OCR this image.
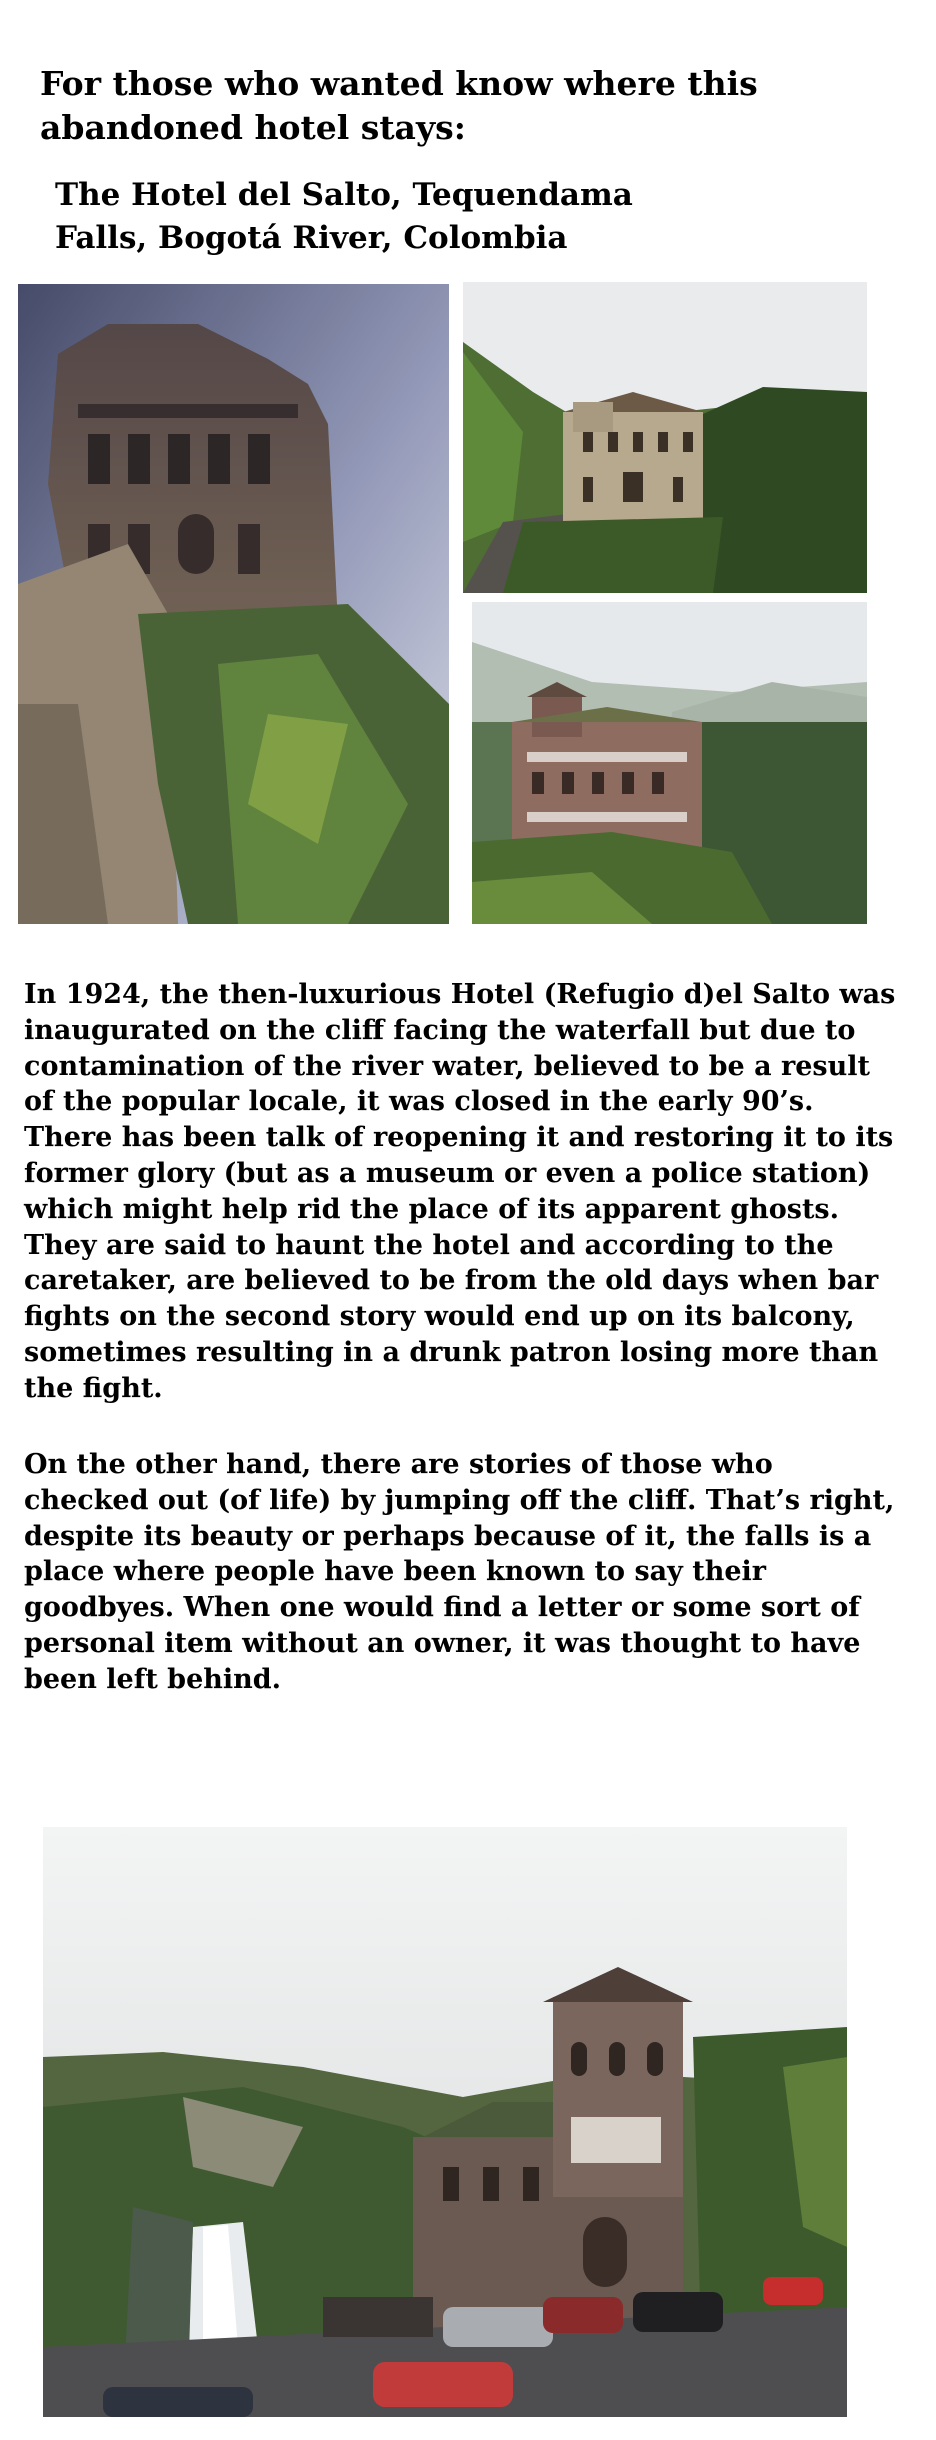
For those who wanted know where this
abandoned hotel stays:
The Hotel del Salto, Tequendama
Falls, Bogotá River, Colombia
In 1924, the then-luxurious Hotel (Refugio d)el Salto was
inaugurated on the cliff facing the waterfall but due to
contamination of the river water, believed to be a result
of the popular locale, it was closed in the early 90’s.
There has been talk of reopening it and restoring it to its
former glory (but as a museum or even a police station)
which might help rid the place of its apparent ghosts.
They are said to haunt the hotel and according to the
caretaker, are believed to be from the old days when bar
fights on the second story would end up on its balcony,
sometimes resulting in a drunk patron losing more than
the fight.
On the other hand, there are stories of those who
checked out (of life) by jumping off the cliff. That’s right,
despite its beauty or perhaps because of it, the falls is a
place where people have been known to say their
goodbyes. When one would find a letter or some sort of
personal item without an owner, it was thought to have
been left behind.
